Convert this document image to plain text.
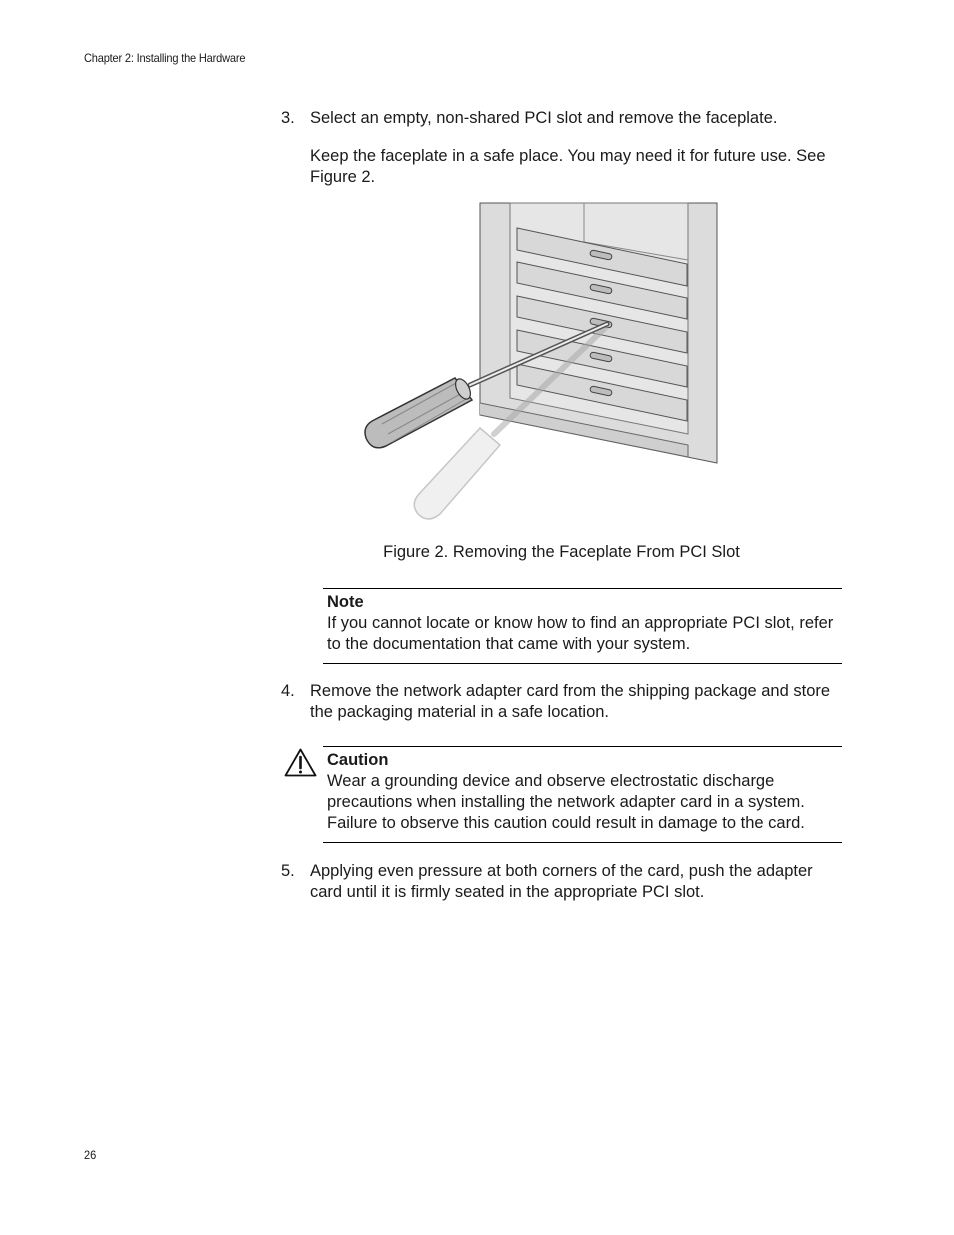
Chapter 2: Installing the Hardware
3. Select an empty, non-shared PCI slot and remove the faceplate.
Keep the faceplate in a safe place. You may need it for future use. See Figure 2.
Figure 2. Removing the Faceplate From PCI Slot
Note
If you cannot locate or know how to find an appropriate PCI slot, refer to the documentation that came with your system.
4. Remove the network adapter card from the shipping package and store the packaging material in a safe location.
Caution
Wear a grounding device and observe electrostatic discharge precautions when installing the network adapter card in a system. Failure to observe this caution could result in damage to the card.
5. Applying even pressure at both corners of the card, push the adapter card until it is firmly seated in the appropriate PCI slot.
26
